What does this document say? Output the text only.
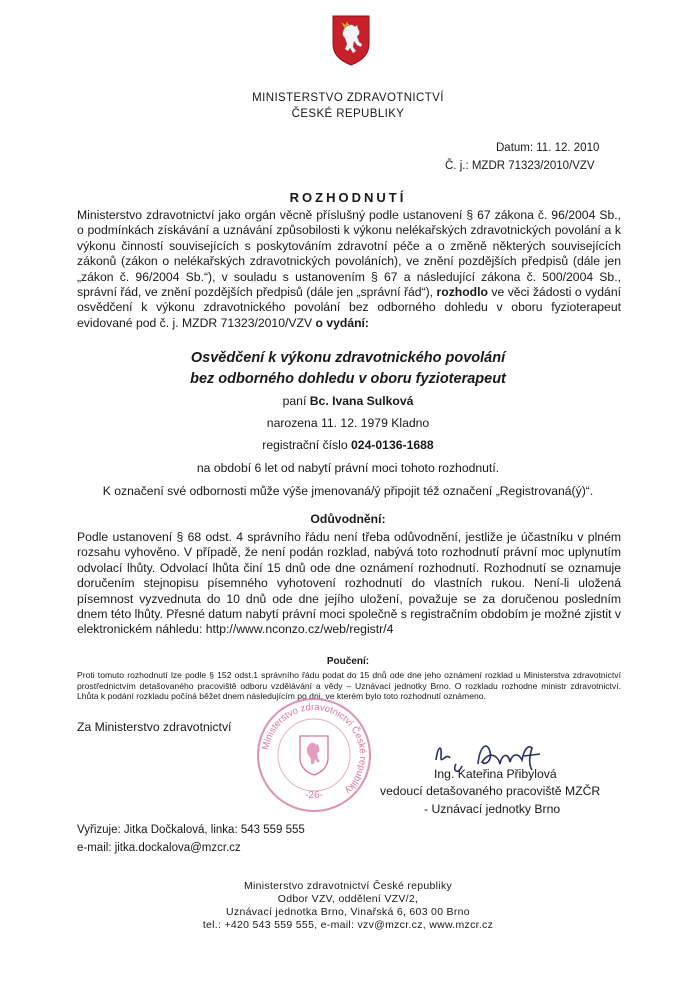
MINISTERSTVO ZDRAVOTNICTVÍ
ČESKÉ REPUBLIKY
Datum: 11. 12. 2010
Č. j.: MZDR 71323/2010/VZV
ROZHODNUTÍ
Ministerstvo zdravotnictví jako orgán věcně příslušný podle ustanovení § 67 zákona č. 96/2004 Sb., o podmínkách získávání a uznávání způsobilosti k výkonu nelékařských zdravotnických povolání a k výkonu činností souvisejících s poskytováním zdravotní péče a o změně některých souvisejících zákonů (zákon o nelékařských zdravotnických povoláních), ve znění pozdějších předpisů (dále jen „zákon č. 96/2004 Sb.“), v souladu s ustanovením § 67 a následující zákona č. 500/2004 Sb., správní řád, ve znění pozdějších předpisů (dále jen „správní řád“), rozhodlo ve věci žádosti o vydání osvědčení k výkonu zdravotnického povolání bez odborného dohledu v oboru fyzioterapeut evidované pod č. j. MZDR 71323/2010/VZV o vydání:
Osvědčení k výkonu zdravotnického povolání
bez odborného dohledu v oboru fyzioterapeut
paní Bc. Ivana Sulková
narozena 11. 12. 1979 Kladno
registrační číslo 024-0136-1688
na období 6 let od nabytí právní moci tohoto rozhodnutí.
K označení své odbornosti může výše jmenovaná/ý připojit též označení „Registrovaná(ý)“.
Odůvodnění:
Podle ustanovení § 68 odst. 4 správního řádu není třeba odůvodnění, jestliže je účastníku v plném rozsahu vyhověno. V případě, že není podán rozklad, nabývá toto rozhodnutí právní moc uplynutím odvolací lhůty. Odvolací lhůta činí 15 dnů ode dne oznámení rozhodnutí. Rozhodnutí se oznamuje doručením stejnopisu písemného vyhotovení rozhodnutí do vlastních rukou. Není-li uložená písemnost vyzvednuta do 10 dnů ode dne jejího uložení, považuje se za doručenou posledním dnem této lhůty. Přesné datum nabytí právní moci společně s registračním obdobím je možné zjistit v elektronickém náhledu: http://www.nconzo.cz/web/registr/4
Poučení:
Proti tomuto rozhodnutí lze podle § 152 odst.1 správního řádu podat do 15 dnů ode dne jeho oznámení rozklad u Ministerstva zdravotnictví prostřednictvím detašovaného pracoviště odboru vzdělávání a vědy – Uznávací jednotky Brno. O rozkladu rozhodne ministr zdravotnictví. Lhůta k podání rozkladu počíná běžet dnem následujícím po dni, ve kterém bylo toto rozhodnutí oznámeno.
Za Ministerstvo zdravotnictví
Ministerstvo zdravotnictví České republiky
-26-
Ing. Kateřina Přibylová
vedoucí detašovaného pracoviště MZČR
- Uznávací jednotky Brno
Vyřizuje: Jitka Dočkalová, linka: 543 559 555
e-mail: jitka.dockalova@mzcr.cz
Ministerstvo zdravotnictví České republiky
Odbor VZV, oddělení VZV/2,
Uznávací jednotka Brno, Vinařská 6, 603 00 Brno
tel.: +420 543 559 555, e-mail: vzv@mzcr.cz, www.mzcr.cz
